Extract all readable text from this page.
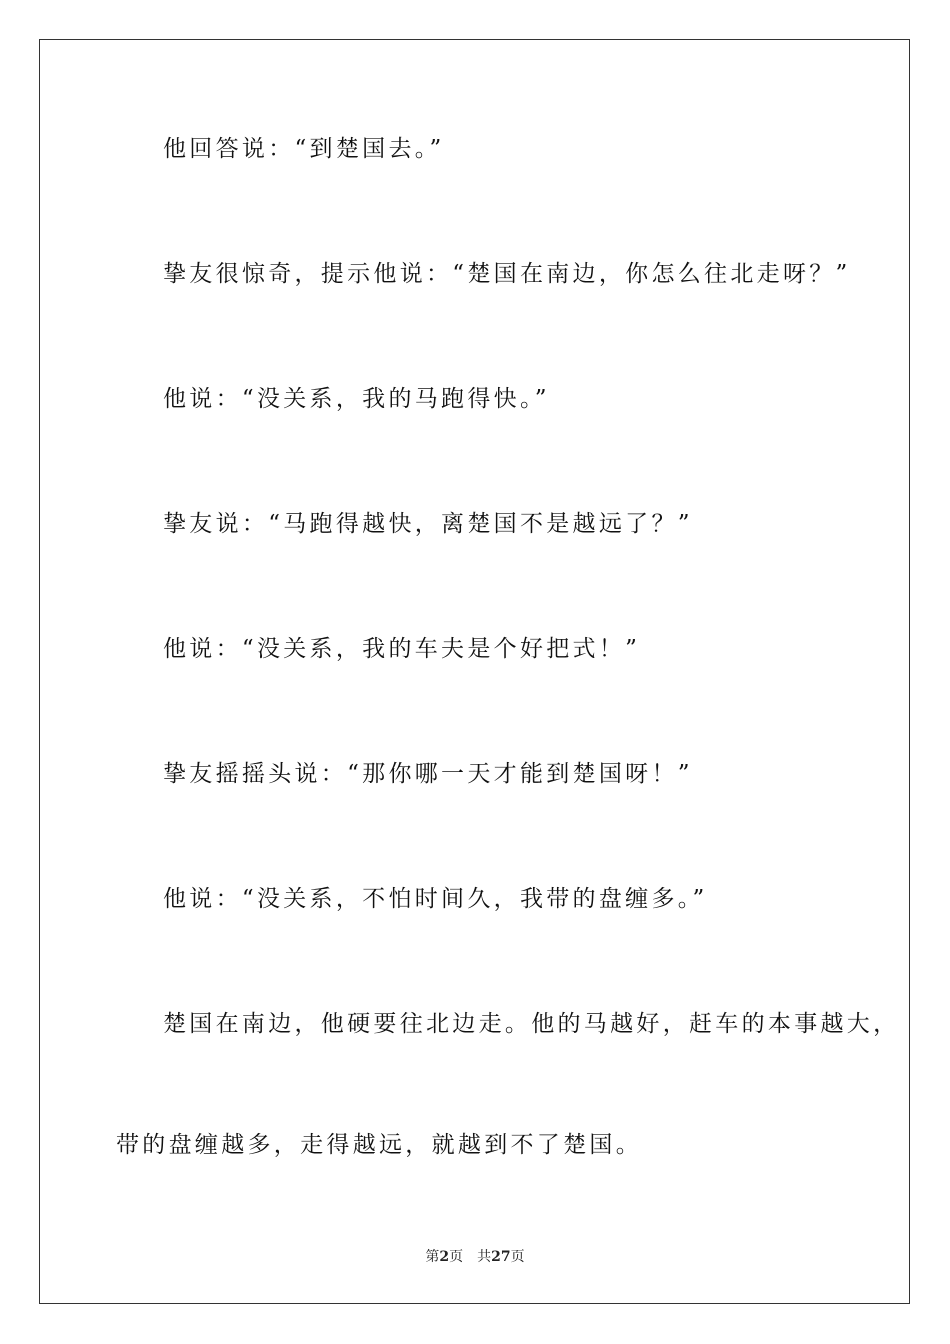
他回答说：“到楚国去。”
挚友很惊奇，提示他说：“楚国在南边，你怎么往北走呀？”
他说：“没关系，我的马跑得快。”
挚友说：“马跑得越快，离楚国不是越远了？”
他说：“没关系，我的车夫是个好把式！”
挚友摇摇头说：“那你哪一天才能到楚国呀！”
他说：“没关系，不怕时间久，我带的盘缠多。”
楚国在南边，他硬要往北边走。他的马越好，赶车的本事越大，
带的盘缠越多，走得越远，就越到不了楚国。
第2页 共27页
